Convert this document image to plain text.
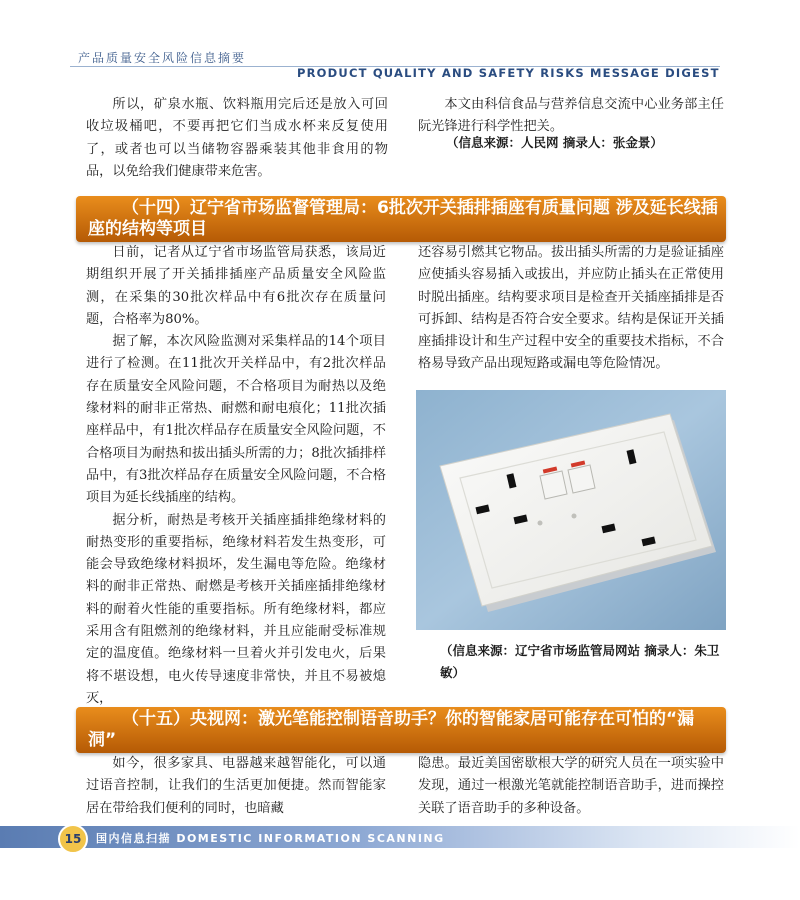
产品质量安全风险信息摘要
PRODUCT QUALITY AND SAFETY RISKS MESSAGE DIGEST

所以，矿泉水瓶、饮料瓶用完后还是放入可回收垃圾桶吧，不要再把它们当成水杯来反复使用了，或者也可以当储物容器乘装其他非食用的物品，以免给我们健康带来危害。

本文由科信食品与营养信息交流中心业务部主任阮光锋进行科学性把关。

（信息来源：人民网 摘录人：张金景）
（十四）辽宁省市场监督管理局：6批次开关插排插座有质量问题 涉及延长线插座的结构等项目

日前，记者从辽宁省市场监管局获悉，该局近期组织开展了开关插排插座产品质量安全风险监测，在采集的30批次样品中有6批次存在质量问题，合格率为80%。

据了解，本次风险监测对采集样品的14个项目进行了检测。在11批次开关样品中，有2批次样品存在质量安全风险问题，不合格项目为耐热以及绝缘材料的耐非正常热、耐燃和耐电痕化；11批次插座样品中，有1批次样品存在质量安全风险问题，不合格项目为耐热和拔出插头所需的力；8批次插排样品中，有3批次样品存在质量安全风险问题，不合格项目为延长线插座的结构。

据分析，耐热是考核开关插座插排绝缘材料的耐热变形的重要指标，绝缘材料若发生热变形，可能会导致绝缘材料损坏，发生漏电等危险。绝缘材料的耐非正常热、耐燃是考核开关插座插排绝缘材料的耐着火性能的重要指标。所有绝缘材料，都应采用含有阻燃剂的绝缘材料，并且应能耐受标准规定的温度值。绝缘材料一旦着火并引发电火，后果将不堪设想，电火传导速度非常快，并且不易被熄灭，

还容易引燃其它物品。拔出插头所需的力是验证插座应使插头容易插入或拔出，并应防止插头在正常使用时脱出插座。结构要求项目是检查开关插座插排是否可拆卸、结构是否符合安全要求。结构是保证开关插座插排设计和生产过程中安全的重要技术指标，不合格易导致产品出现短路或漏电等危险情况。

（信息来源：辽宁省市场监管局网站 摘录人：朱卫敏）
（十五）央视网：激光笔能控制语音助手？你的智能家居可能存在可怕的“漏洞”

如今，很多家具、电器越来越智能化，可以通过语音控制，让我们的生活更加便捷。然而智能家居在带给我们便利的同时，也暗藏

隐患。最近美国密歇根大学的研究人员在一项实验中发现，通过一根激光笔就能控制语音助手，进而操控关联了语音助手的多种设备。

15	国内信息扫描 DOMESTIC INFORMATION SCANNING
